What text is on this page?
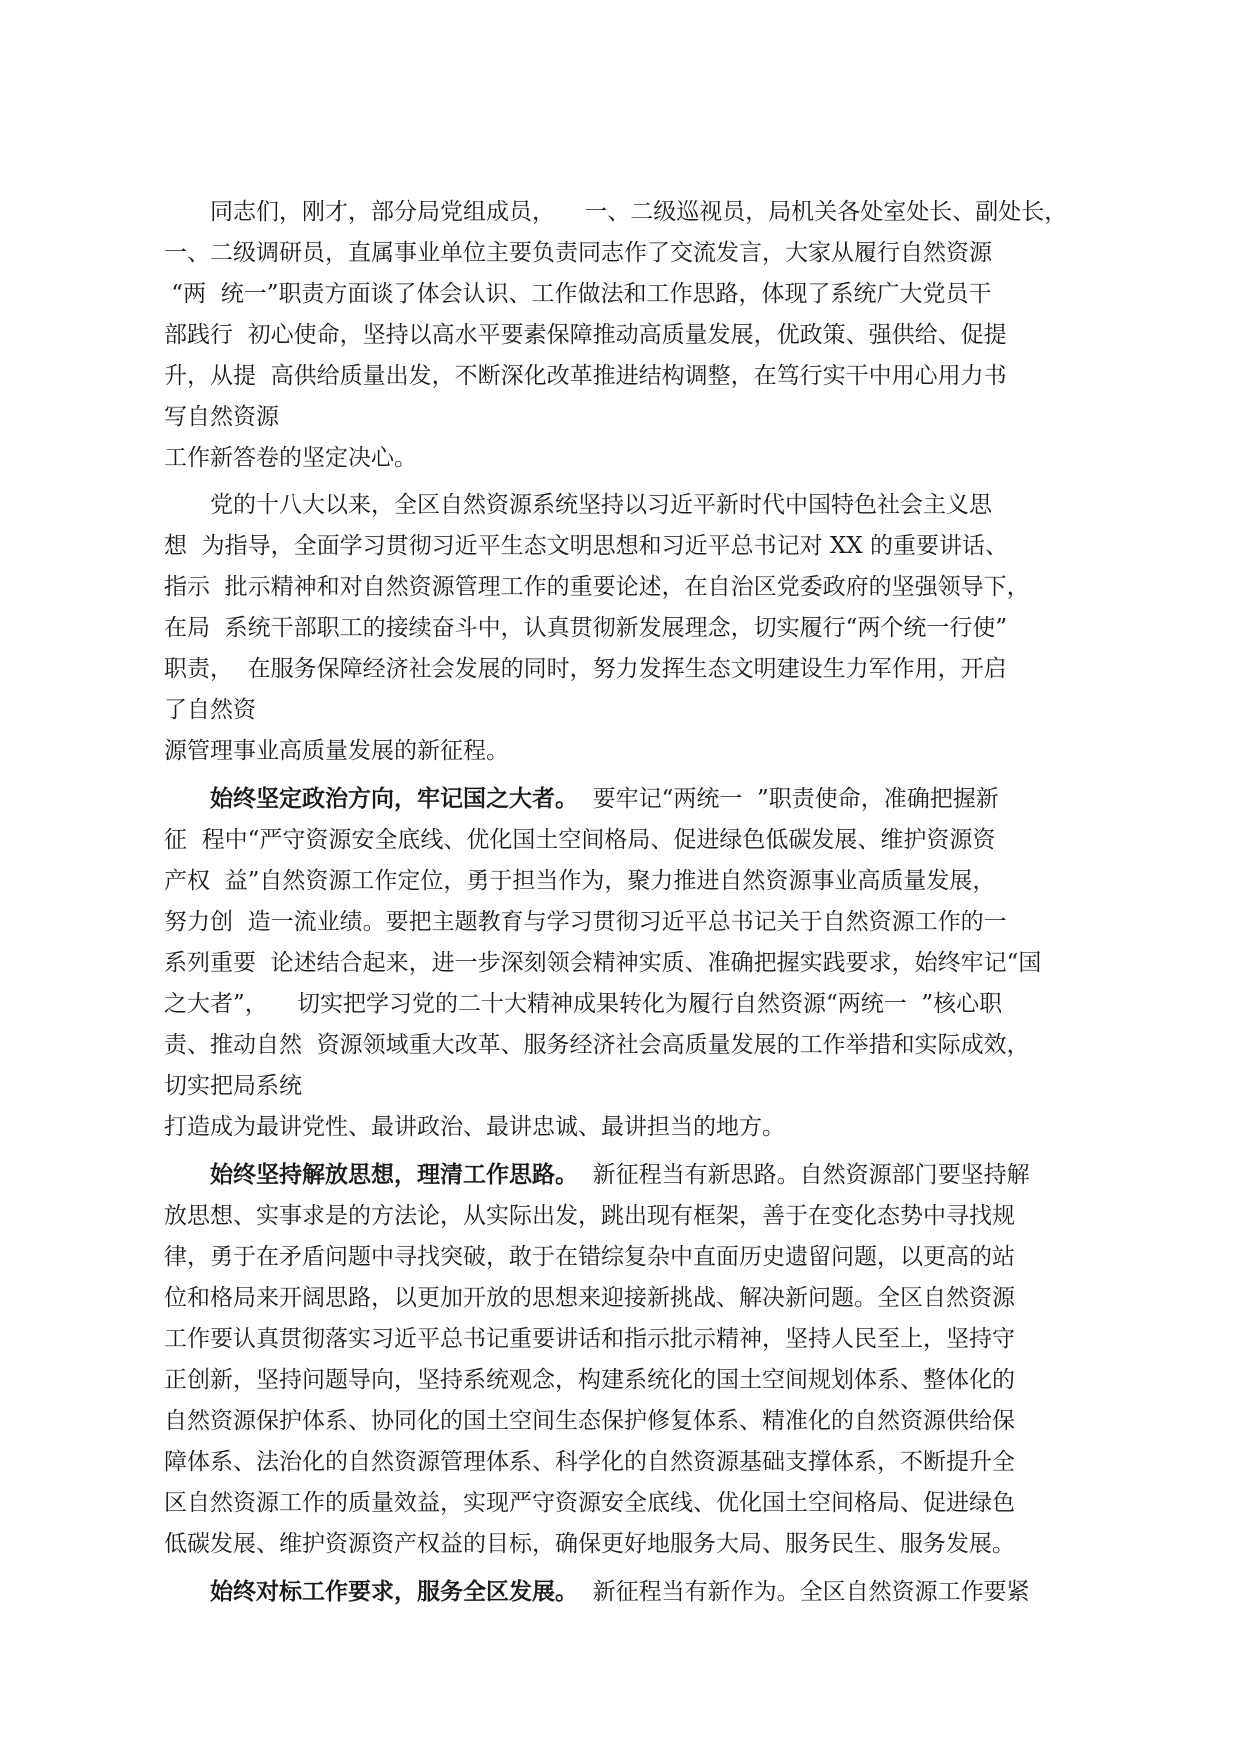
同志们，刚才，部分局党组成员，    一、二级巡视员，局机关各处室处长、副处长，
一、二级调研员，直属事业单位主要负责同志作了交流发言，大家从履行自然资源
“两  统一”职责方面谈了体会认识、工作做法和工作思路，体现了系统广大党员干
部践行  初心使命，坚持以高水平要素保障推动高质量发展，优政策、强供给、促提
升，从提  高供给质量出发，不断深化改革推进结构调整，在笃行实干中用心用力书
写自然资源
工作新答卷的坚定决心。
党的十八大以来，全区自然资源系统坚持以习近平新时代中国特色社会主义思
想  为指导，全面学习贯彻习近平生态文明思想和习近平总书记对 XX 的重要讲话、
指示  批示精神和对自然资源管理工作的重要论述，在自治区党委政府的坚强领导下，
在局  系统干部职工的接续奋斗中，认真贯彻新发展理念，切实履行“两个统一行使”
职责，  在服务保障经济社会发展的同时，努力发挥生态文明建设生力军作用，开启
了自然资
源管理事业高质量发展的新征程。
始终坚定政治方向，牢记国之大者。  要牢记“两统一  ”职责使命，准确把握新
征  程中“严守资源安全底线、优化国土空间格局、促进绿色低碳发展、维护资源资
产权  益”自然资源工作定位，勇于担当作为，聚力推进自然资源事业高质量发展，
努力创  造一流业绩。要把主题教育与学习贯彻习近平总书记关于自然资源工作的一
系列重要  论述结合起来，进一步深刻领会精神实质、准确把握实践要求，始终牢记“国
之大者”，    切实把学习党的二十大精神成果转化为履行自然资源“两统一  ”核心职
责、推动自然  资源领域重大改革、服务经济社会高质量发展的工作举措和实际成效，
切实把局系统
打造成为最讲党性、最讲政治、最讲忠诚、最讲担当的地方。
始终坚持解放思想，理清工作思路。  新征程当有新思路。自然资源部门要坚持解
放思想、实事求是的方法论，从实际出发，跳出现有框架，善于在变化态势中寻找规
律，勇于在矛盾问题中寻找突破，敢于在错综复杂中直面历史遗留问题，以更高的站
位和格局来开阔思路，以更加开放的思想来迎接新挑战、解决新问题。全区自然资源
工作要认真贯彻落实习近平总书记重要讲话和指示批示精神，坚持人民至上，坚持守
正创新，坚持问题导向，坚持系统观念，构建系统化的国土空间规划体系、整体化的
自然资源保护体系、协同化的国土空间生态保护修复体系、精准化的自然资源供给保
障体系、法治化的自然资源管理体系、科学化的自然资源基础支撑体系，不断提升全
区自然资源工作的质量效益，实现严守资源安全底线、优化国土空间格局、促进绿色
低碳发展、维护资源资产权益的目标，确保更好地服务大局、服务民生、服务发展。
始终对标工作要求，服务全区发展。  新征程当有新作为。全区自然资源工作要紧
